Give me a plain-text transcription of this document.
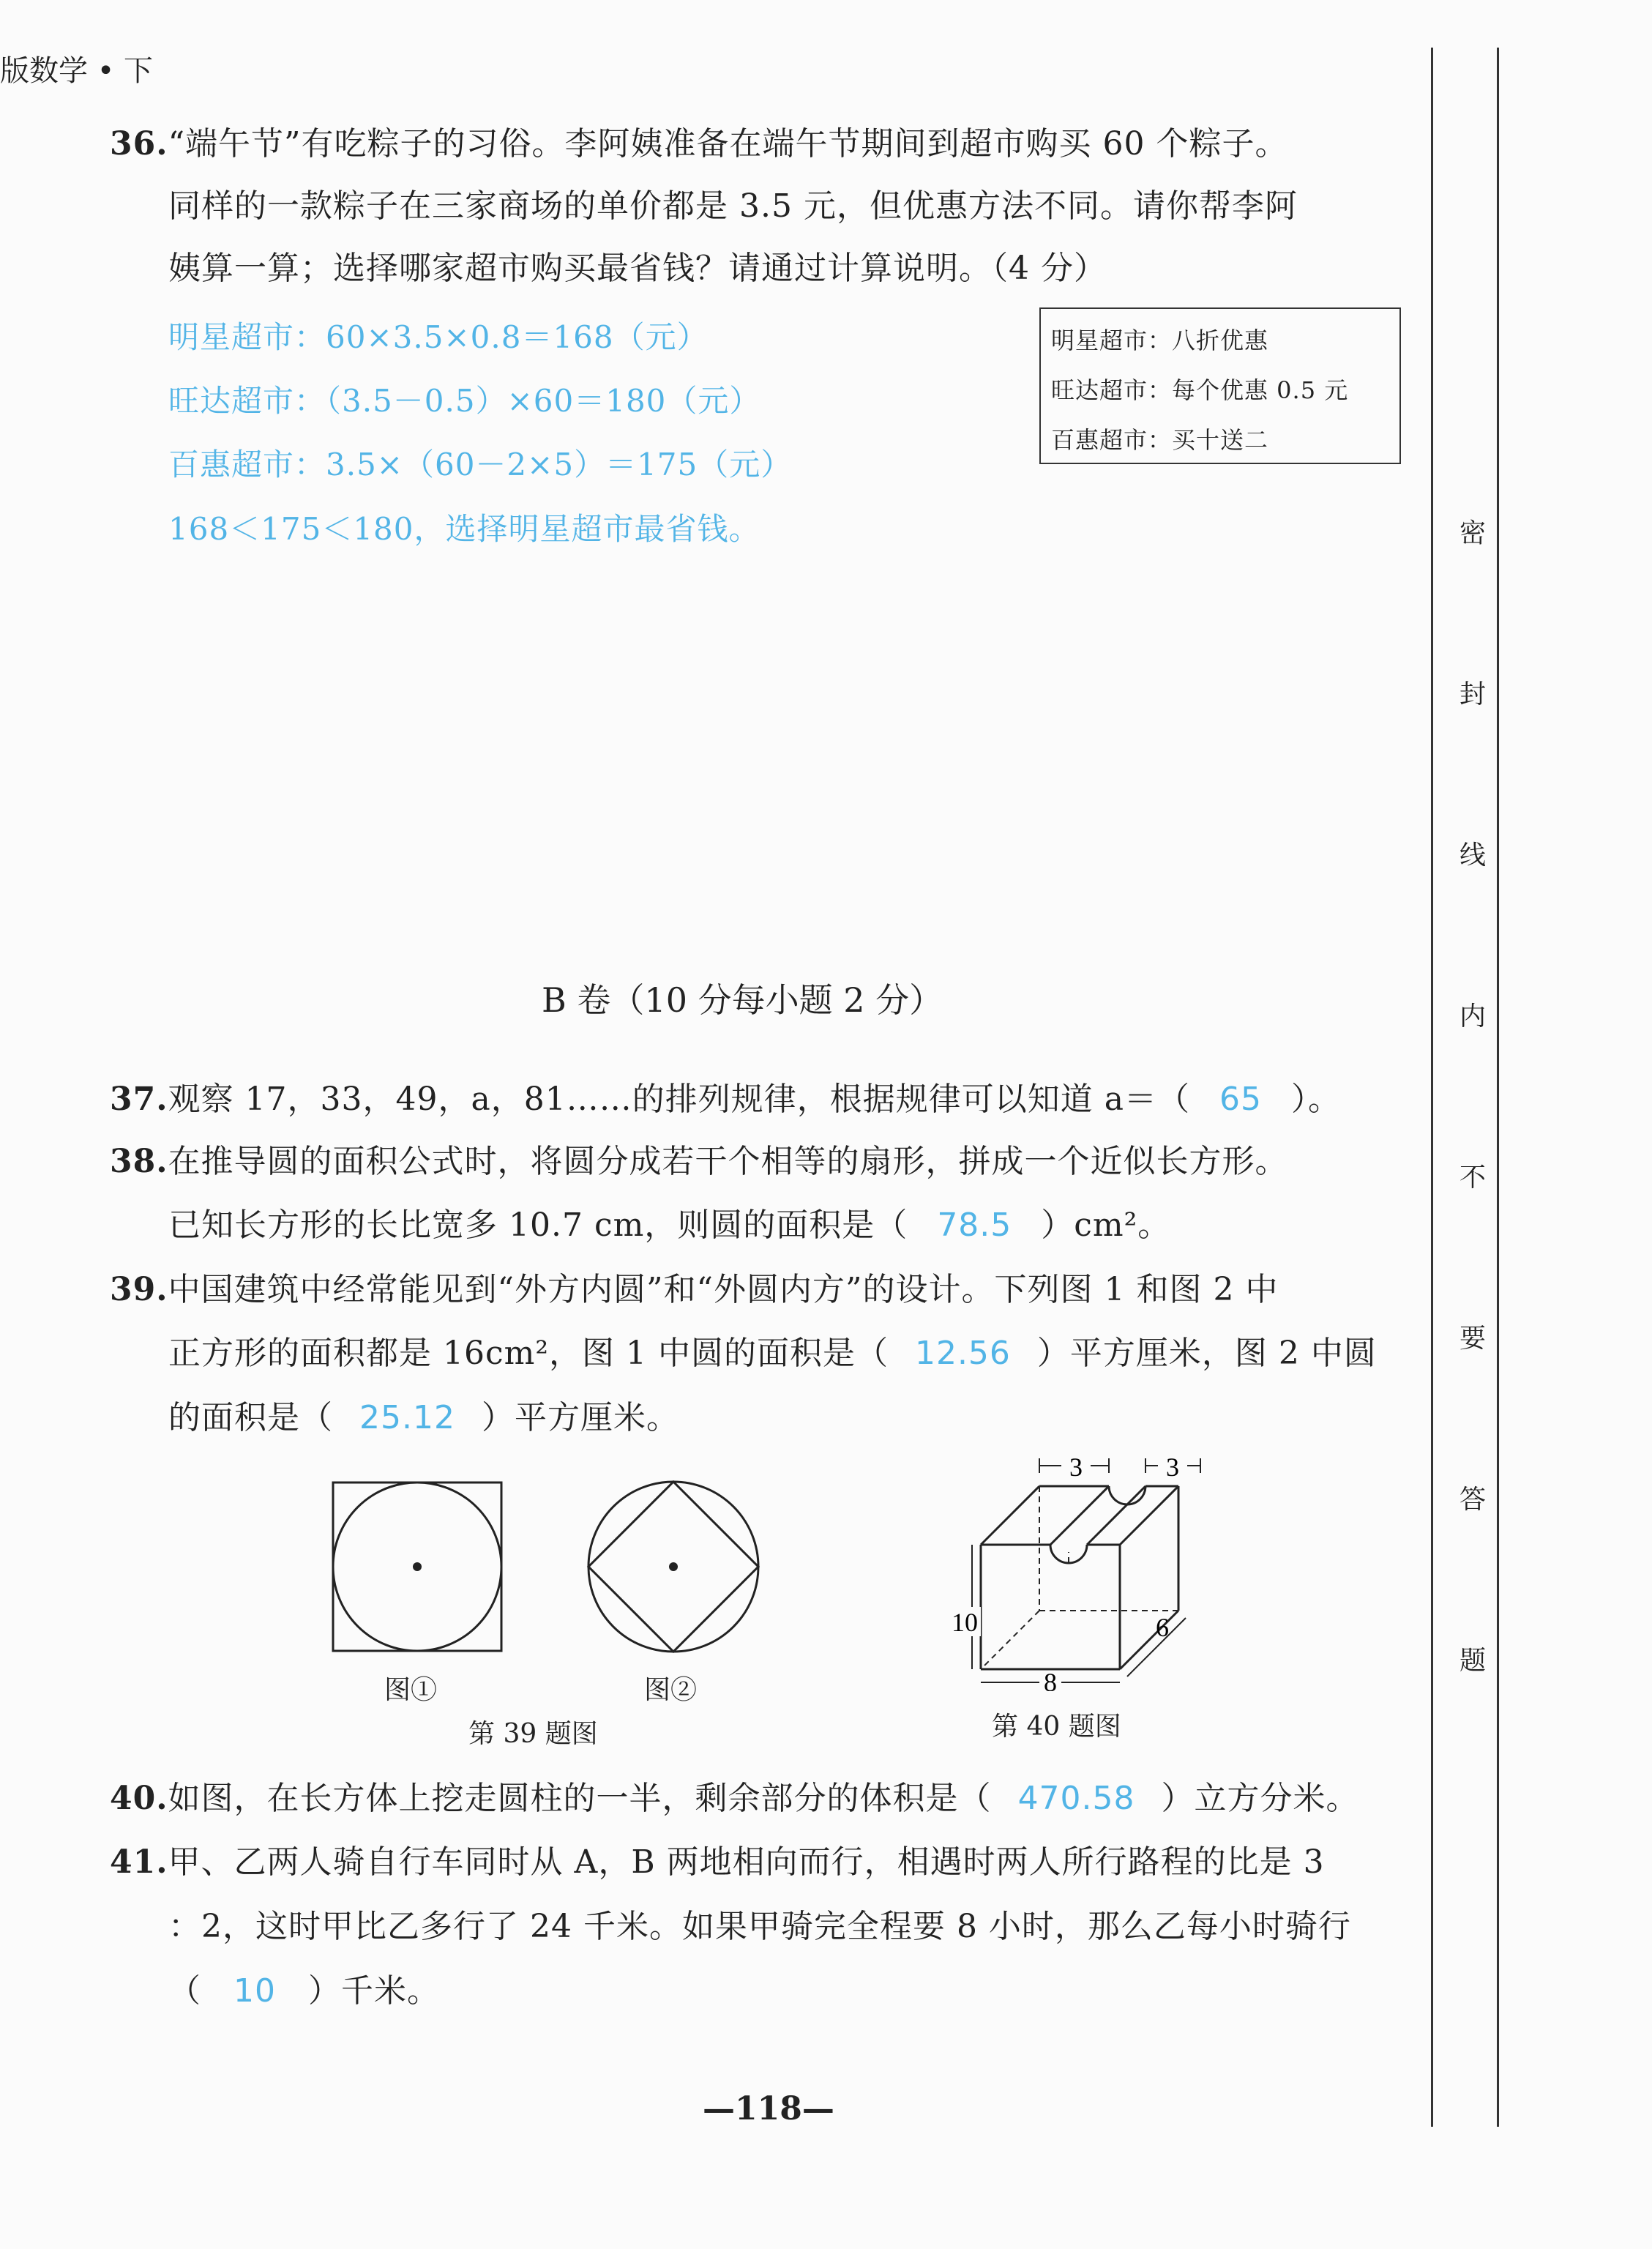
版数学 • 下
密
封
线
内
不
要
答
题
36.“端午节”有吃粽子的习俗。李阿姨准备在端午节期间到超市购买 60 个粽子。
同样的一款粽子在三家商场的单价都是 3.5 元，但优惠方法不同。请你帮李阿
姨算一算；选择哪家超市购买最省钱？请通过计算说明。（4 分）
明星超市：八折优惠
旺达超市：每个优惠 0.5 元
百惠超市：买十送二
明星超市：60×3.5×0.8＝168（元）
旺达超市：（3.5－0.5）×60＝180（元）
百惠超市：3.5×（60－2×5）＝175（元）
168＜175＜180，选择明星超市最省钱。
B 卷（10 分每小题 2 分）
37.观察 17，33，49，a，81……的排列规律，根据规律可以知道 a＝（ 65 ）。
38.在推导圆的面积公式时，将圆分成若干个相等的扇形，拼成一个近似长方形。
已知长方形的长比宽多 10.7 cm，则圆的面积是（ 78.5 ）cm²。
39.中国建筑中经常能见到“外方内圆”和“外圆内方”的设计。下列图 1 和图 2 中
正方形的面积都是 16cm²，图 1 中圆的面积是（ 12.56 ）平方厘米，图 2 中圆
的面积是（ 25.12 ）平方厘米。
图①	图②
第 39 题图
3	3
10
8
6
第 40 题图
40.如图，在长方体上挖走圆柱的一半，剩余部分的体积是（ 470.58 ）立方分米。
41.甲、乙两人骑自行车同时从 A，B 两地相向而行，相遇时两人所行路程的比是 3
：2，这时甲比乙多行了 24 千米。如果甲骑完全程要 8 小时，那么乙每小时骑行
（ 10 ）千米。
—118—
